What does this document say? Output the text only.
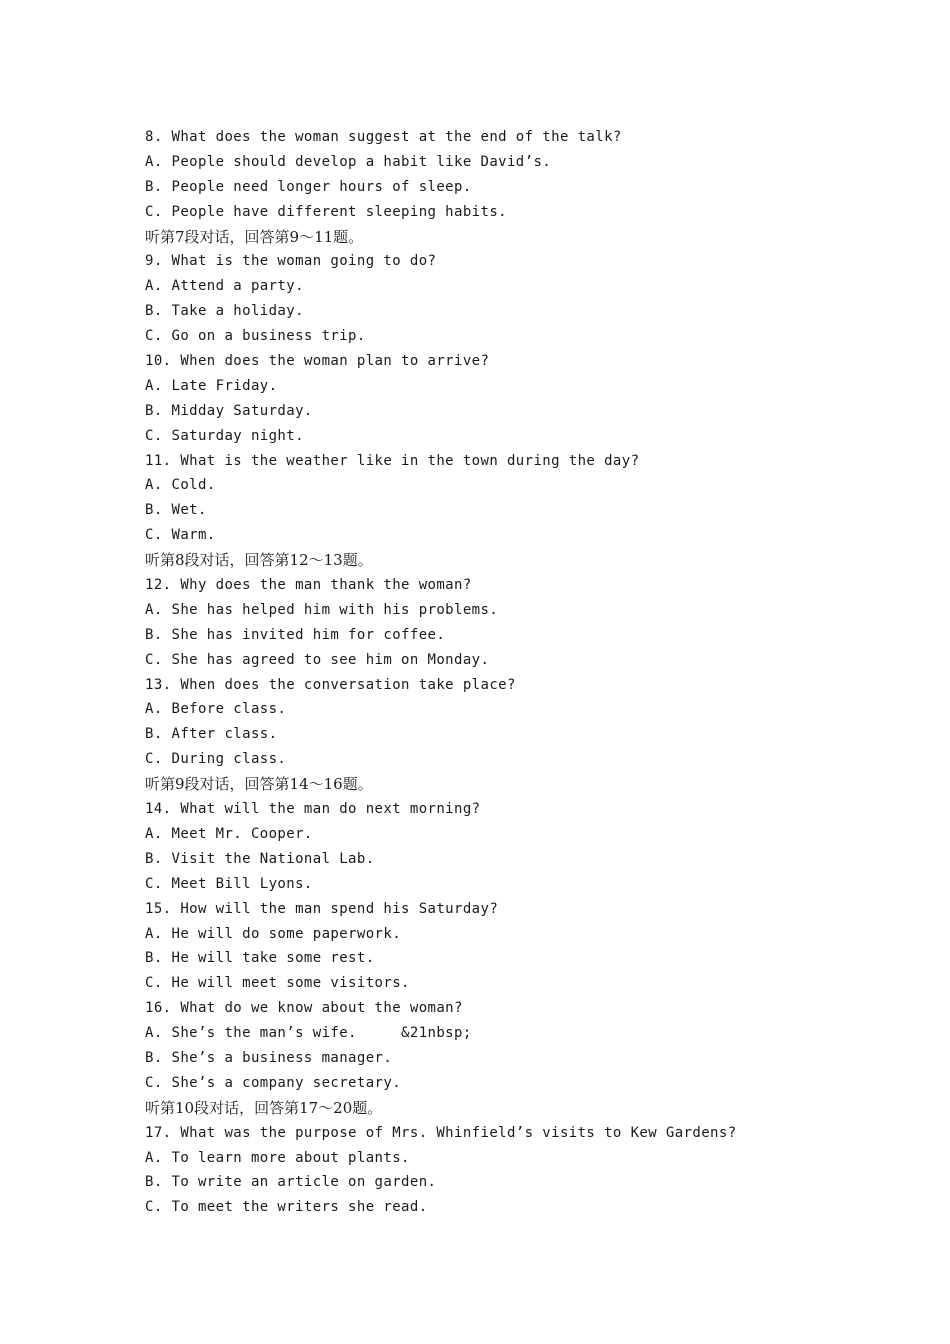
8. What does the woman suggest at the end of the talk?
A. People should develop a habit like David’s.
B. People need longer hours of sleep.
C. People have different sleeping habits.
听第7段对话，回答第9～11题。
9. What is the woman going to do?
A. Attend a party.
B. Take a holiday.
C. Go on a business trip.
10. When does the woman plan to arrive?
A. Late Friday.
B. Midday Saturday.
C. Saturday night.
11. What is the weather like in the town during the day?
A. Cold.
B. Wet.
C. Warm.
听第8段对话，回答第12～13题。
12. Why does the man thank the woman?
A. She has helped him with his problems.
B. She has invited him for coffee.
C. She has agreed to see him on Monday.
13. When does the conversation take place?
A. Before class.
B. After class.
C. During class.
听第9段对话，回答第14～16题。
14. What will the man do next morning?
A. Meet Mr. Cooper.
B. Visit the National Lab.
C. Meet Bill Lyons.
15. How will the man spend his Saturday?
A. He will do some paperwork.
B. He will take some rest.
C. He will meet some visitors.
16. What do we know about the woman?
A. She’s the man’s wife.     &21nbsp;
B. She’s a business manager.
C. She’s a company secretary.
听第10段对话，回答第17～20题。
17. What was the purpose of Mrs. Whinfield’s visits to Kew Gardens?
A. To learn more about plants.
B. To write an article on garden.
C. To meet the writers she read.
